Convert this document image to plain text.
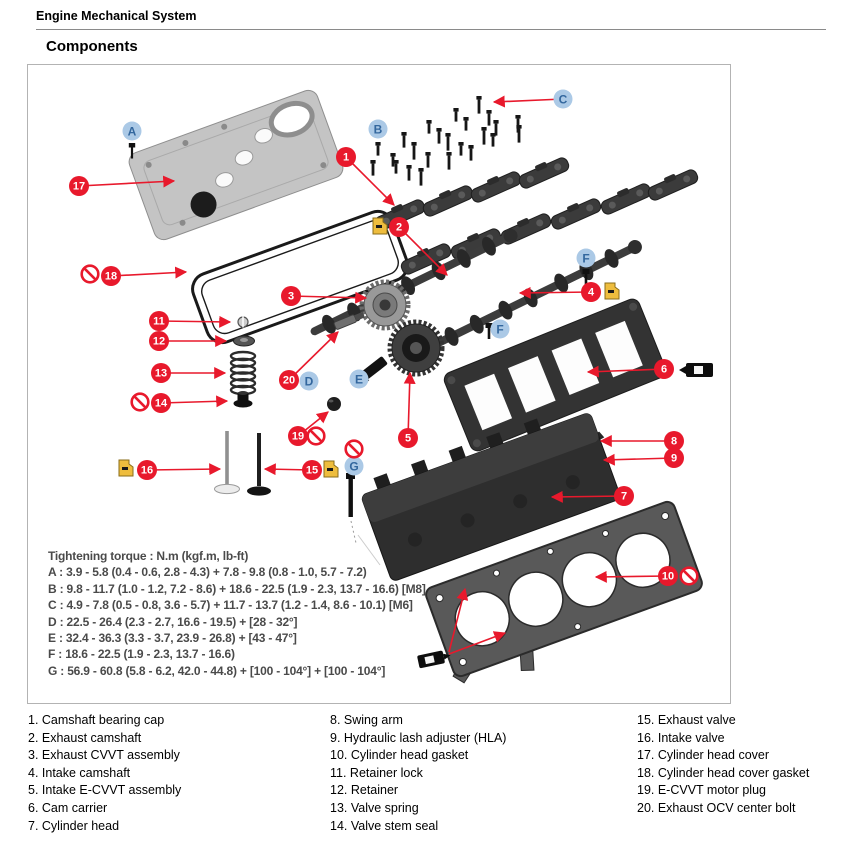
Engine Mechanical System
Components
1
2
3	4
5
6
7
8
9
10
11
12
13
14
15
16
17
18
19
20
A	B
C
D	E
F
F
G
Tightening torque : N.m (kgf.m, lb-ft)
A : 3.9 - 5.8 (0.4 - 0.6, 2.8 - 4.3) + 7.8 - 9.8 (0.8 - 1.0, 5.7 - 7.2)
B : 9.8 - 11.7 (1.0 - 1.2, 7.2 - 8.6) + 18.6 - 22.5 (1.9 - 2.3, 13.7 - 16.6) [M8]
C : 4.9 - 7.8 (0.5 - 0.8, 3.6 - 5.7) + 11.7 - 13.7 (1.2 - 1.4, 8.6 - 10.1) [M6]
D : 22.5 - 26.4 (2.3 - 2.7, 16.6 - 19.5) + [28 - 32°]
E : 32.4 - 36.3 (3.3 - 3.7, 23.9 - 26.8) + [43 - 47°]
F : 18.6 - 22.5 (1.9 - 2.3, 13.7 - 16.6)
G : 56.9 - 60.8 (5.8 - 6.2, 42.0 - 44.8) + [100 - 104°] + [100 - 104°]
1. Camshaft bearing cap
2. Exhaust camshaft
3. Exhaust CVVT assembly
4. Intake camshaft
5. Intake E-CVVT assembly
6. Cam carrier
7. Cylinder head
8. Swing arm
9. Hydraulic lash adjuster (HLA)
10. Cylinder head gasket
11. Retainer lock
12. Retainer
13. Valve spring
14. Valve stem seal
15. Exhaust valve
16. Intake valve
17. Cylinder head cover
18. Cylinder head cover gasket
19. E-CVVT motor plug
20. Exhaust OCV center bolt
